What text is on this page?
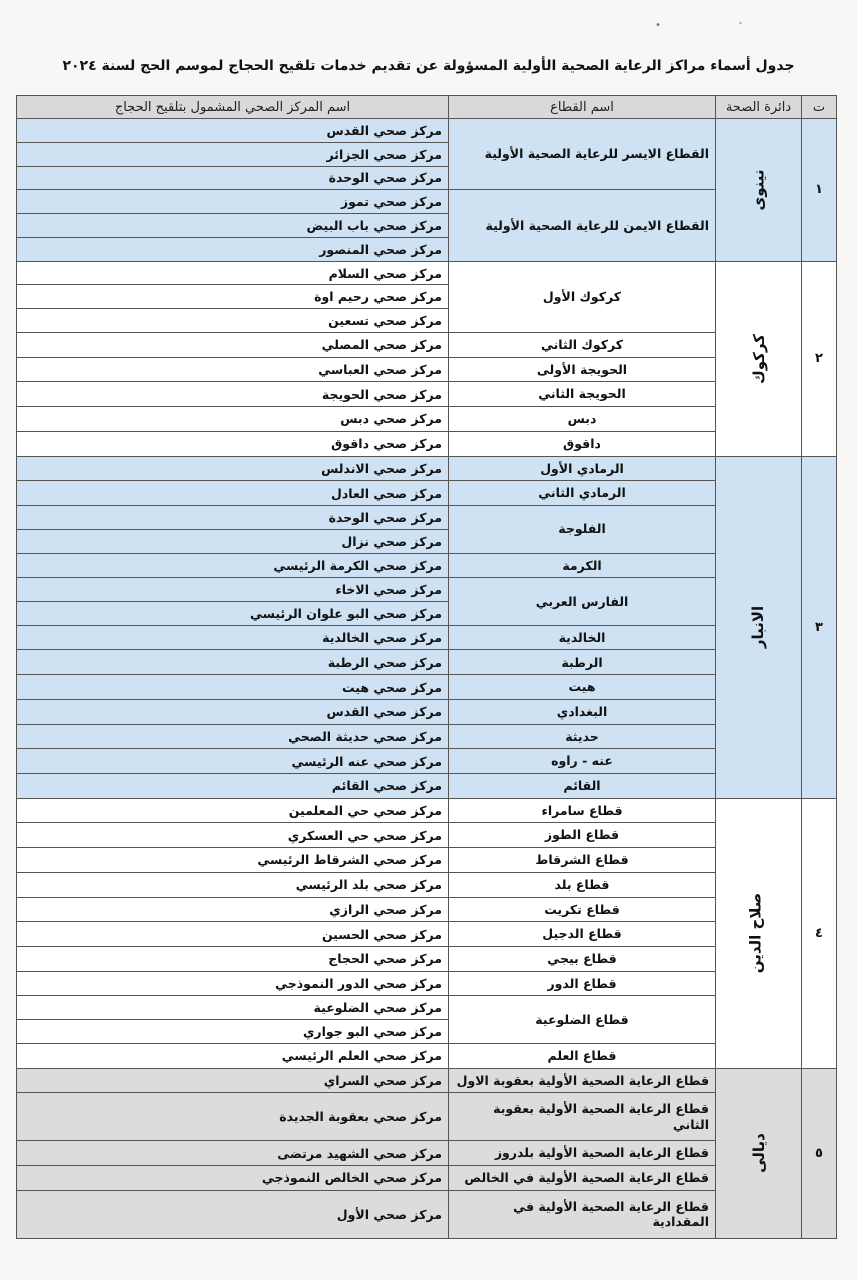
•	ˇ
جدول أسماء مراكز الرعاية الصحية الأولية المسؤولة عن تقديم خدمات تلقيح الحجاج لموسم الحج لسنة ٢٠٢٤
ت	دائرة الصحة	اسم القطاع	اسم المركز الصحي المشمول بتلقيح الحجاج
١	نينوى	القطاع الايسر للرعاية الصحية الأولية	مركز صحي القدس
			مركز صحي الجزائر
			مركز صحي الوحدة
		القطاع الايمن للرعاية الصحية الأولية	مركز صحي تموز
			مركز صحي باب البيض
			مركز صحي المنصور
٢	كركوك	كركوك الأول	مركز صحي السلام
			مركز صحي رحيم اوة
			مركز صحي تسعين
		كركوك الثاني	مركز صحي المصلي
		الحويجة الأولى	مركز صحي العباسي
		الحويجة الثاني	مركز صحي الحويجة
		دبس	مركز صحي دبس
		داقوق	مركز صحي داقوق
٣	الانبار	الرمادي الأول	مركز صحي الاندلس
		الرمادي الثاني	مركز صحي العادل
		الفلوجة	مركز صحي الوحدة
			مركز صحي نزال
		الكرمة	مركز صحي الكرمة الرئيسي
		الفارس العربي	مركز صحي الاخاء
			مركز صحي البو علوان الرئيسي
		الخالدية	مركز صحي الخالدية
		الرطبة	مركز صحي الرطبة
		هيت	مركز صحي هيت
		البغدادي	مركز صحي القدس
		حديثة	مركز صحي حديثة الصحي
		عنه - راوه	مركز صحي عنه الرئيسي
		القائم	مركز صحي القائم
٤	صلاح الدين	قطاع سامراء	مركز صحي حي المعلمين
		قطاع الطوز	مركز صحي حي العسكري
		قطاع الشرقاط	مركز صحي الشرقاط الرئيسي
		قطاع بلد	مركز صحي بلد الرئيسي
		قطاع تكريت	مركز صحي الرازي
		قطاع الدجيل	مركز صحي الحسين
		قطاع بيجي	مركز صحي الحجاج
		قطاع الدور	مركز صحي الدور النموذجي
		قطاع الضلوعية	مركز صحي الضلوعية
			مركز صحي البو جواري
		قطاع العلم	مركز صحي العلم الرئيسي
٥	ديالى	قطاع الرعاية الصحية الأولية بعقوبة الاول	مركز صحي السراي
		قطاع الرعاية الصحية الأولية بعقوبة الثاني	مركز صحي بعقوبة الجديدة
		قطاع الرعاية الصحية الأولية بلدروز	مركز صحي الشهيد مرتضى
		قطاع الرعاية الصحية الأولية في الخالص	مركز صحي الخالص النموذجي
		قطاع الرعاية الصحية الأولية في المقدادية	مركز صحي الأول
